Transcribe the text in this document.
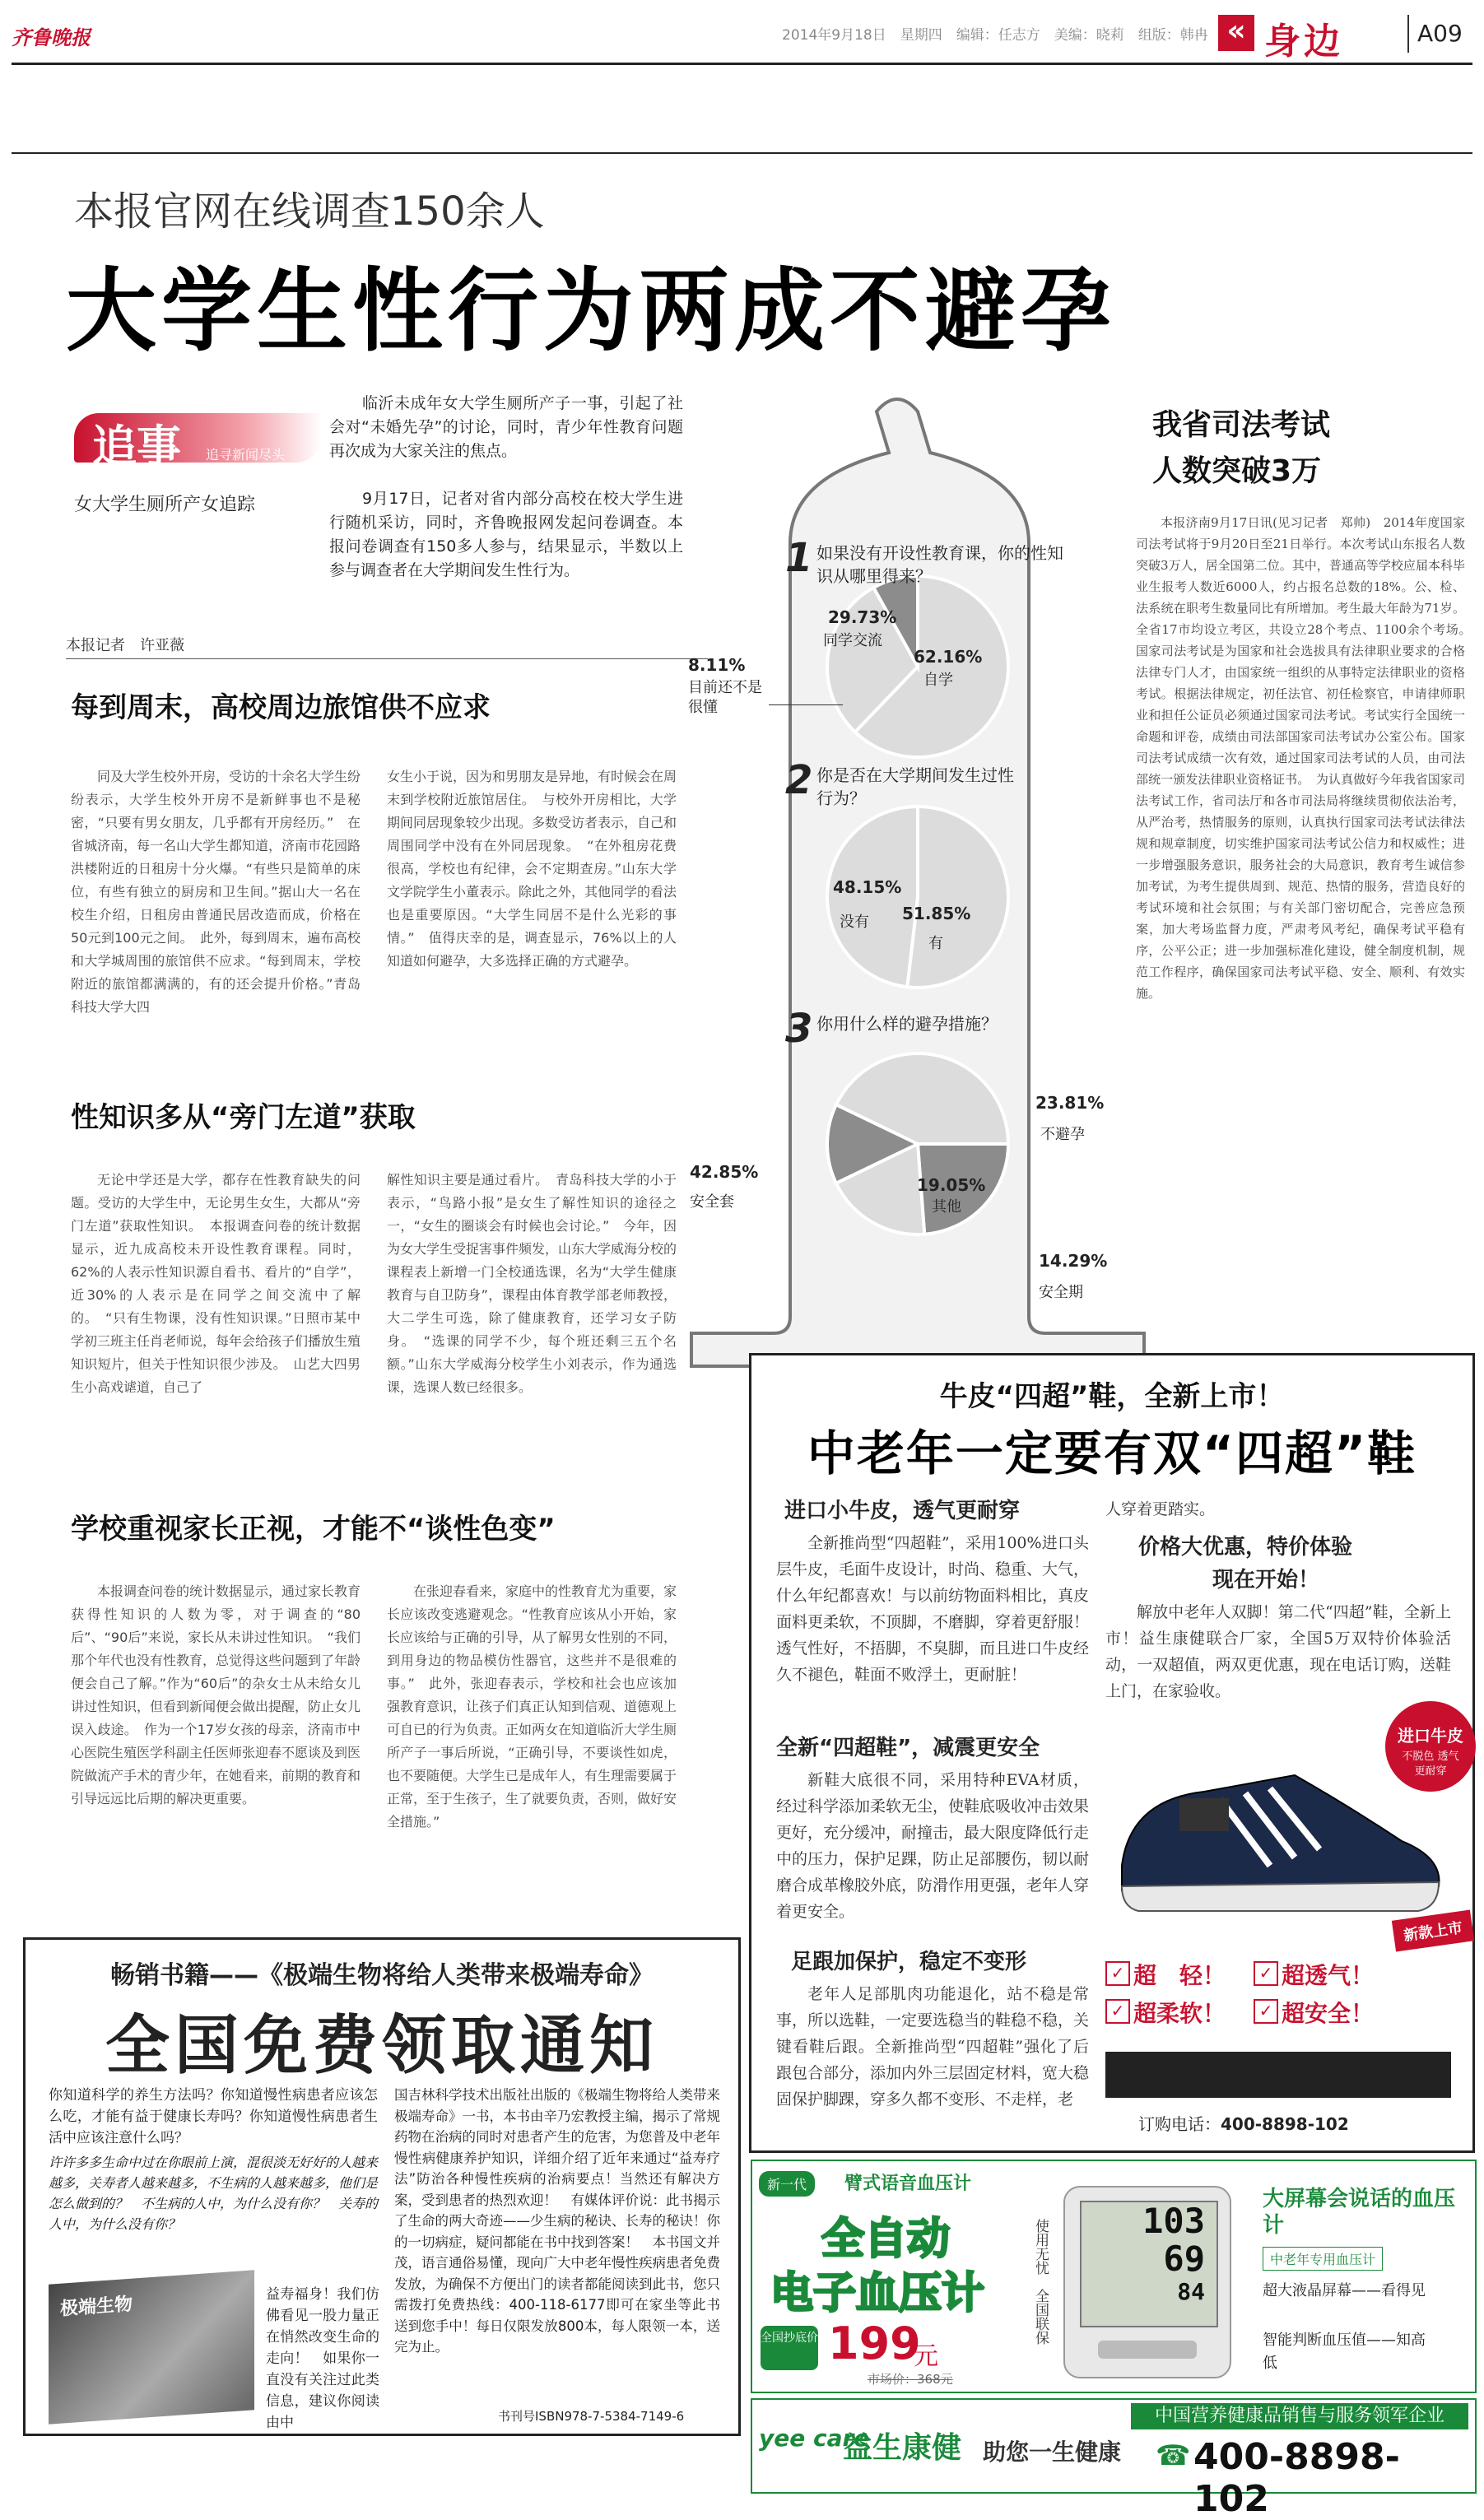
齐鲁晚报	2014年9月18日　星期四　编辑：任志方　美编：晓莉　组版：韩冉 « 身边	A09
本报官网在线调查150余人
大学生性行为两成不避孕
追事 追寻新闻尽头
女大学生厕所产女追踪
临沂未成年女大学生厕所产子一事，引起了社会对“未婚先孕”的讨论，同时，青少年性教育问题再次成为大家关注的焦点。
9月17日，记者对省内部分高校在校大学生进行随机采访，同时，齐鲁晚报网发起问卷调查。本报问卷调查有150多人参与，结果显示，半数以上参与调查者在大学期间发生性行为。
本报记者　许亚薇
1 如果没有开设性教育课，你的性知识从哪里得来？
29.73%
同学交流
62.16%
自学
8.11%
目前还不是很懂
2 你是否在大学期间发生过性行为？
48.15%
没有 51.85%
有
3 你用什么样的避孕措施？
23.81%
不避孕
19.05%
其他
42.85%
安全套
14.29%
安全期
每到周末，高校周边旅馆供不应求
同及大学生校外开房，受访的十余名大学生纷纷表示，大学生校外开房不是新鲜事也不是秘密，“只要有男女朋友，几乎都有开房经历。”　在省城济南，每一名山大学生都知道，济南市花园路洪楼附近的日租房十分火爆。“有些只是简单的床位，有些有独立的厨房和卫生间。”据山大一名在校生介绍，日租房由普通民居改造而成，价格在50元到100元之间。　此外，每到周末，遍布高校和大学城周围的旅馆供不应求。“每到周末，学校附近的旅馆都满满的，有的还会提升价格。”青岛科技大学大四
女生小于说，因为和男朋友是异地，有时候会在周末到学校附近旅馆居住。　与校外开房相比，大学期间同居现象较少出现。多数受访者表示，自己和周围同学中没有在外同居现象。　“在外租房花费很高，学校也有纪律，会不定期查房。”山东大学文学院学生小董表示。除此之外，其他同学的看法也是重要原因。“大学生同居不是什么光彩的事情。”　值得庆幸的是，调查显示，76%以上的人知道如何避孕，大多选择正确的方式避孕。
性知识多从“旁门左道”获取
无论中学还是大学，都存在性教育缺失的问题。受访的大学生中，无论男生女生，大都从“旁门左道”获取性知识。　本报调查问卷的统计数据显示，近九成高校未开设性教育课程。同时，62%的人表示性知识源自看书、看片的“自学”，近30%的人表示是在同学之间交流中了解的。　“只有生物课，没有性知识课。”日照市某中学初三班主任肖老师说，每年会给孩子们播放生殖知识短片，但关于性知识很少涉及。　山艺大四男生小高戏谑道，自己了
解性知识主要是通过看片。　青岛科技大学的小于表示，“鸟路小报”是女生了解性知识的途径之一，“女生的圈谈会有时候也会讨论。”　今年，因为女大学生受捉害事件频发，山东大学威海分校的课程表上新增一门全校通选课，名为“大学生健康教育与自卫防身”，课程由体育教学部老师教授，大二学生可选，除了健康教育，还学习女子防身。　“选课的同学不少，每个班还剩三五个名额。”山东大学威海分校学生小刘表示，作为通选课，选课人数已经很多。
学校重视家长正视，才能不“谈性色变”
本报调查问卷的统计数据显示，通过家长教育获得性知识的人数为零，对于调查的“80后”、“90后”来说，家长从未讲过性知识。　“我们那个年代也没有性教育，总觉得这些问题到了年龄便会自己了解。”作为“60后”的杂女士从未给女儿讲过性知识，但看到新闻便会做出提醒，防止女儿误入歧途。　作为一个17岁女孩的母亲，济南市中心医院生殖医学科副主任医师张迎春不愿谈及到医院做流产手术的青少年，在她看来，前期的教育和引导远远比后期的解决更重要。
在张迎春看来，家庭中的性教育尤为重要，家长应该改变逃避观念。“性教育应该从小开始，家长应该给与正确的引导，从了解男女性别的不同，到用身边的物品模仿性器官，这些并不是很难的事。”　此外，张迎春表示，学校和社会也应该加强教育意识，让孩子们真正认知到信观、道德观上可自已的行为负责。正如两女在知道临沂大学生厕所产子一事后所说，“正确引导，不要谈性如虎，也不要随便。大学生已是成年人，有生理需要属于正常，至于生孩子，生了就要负责，否则，做好安全措施。”
我省司法考试
人数突破3万
本报济南9月17日讯(见习记者　郑帅)　2014年度国家司法考试将于9月20日至21日举行。本次考试山东报名人数突破3万人，居全国第二位。其中，普通高等学校应届本科毕业生报考人数近6000人，约占报名总数的18%。公、检、法系统在职考生数量同比有所增加。考生最大年龄为71岁。全省17市均设立考区，共设立28个考点、1100余个考场。　国家司法考试是为国家和社会选拔具有法律职业要求的合格法律专门人才，由国家统一组织的从事特定法律职业的资格考试。根据法律规定，初任法官、初任检察官，申请律师职业和担任公证员必须通过国家司法考试。考试实行全国统一命题和评卷，成绩由司法部国家司法考试办公室公布。国家司法考试成绩一次有效，通过国家司法考试的人员，由司法部统一颁发法律职业资格证书。　为认真做好今年我省国家司法考试工作，省司法厅和各市司法局将继续贯彻依法治考，从严治考，热情服务的原则，认真执行国家司法考试法律法规和规章制度，切实维护国家司法考试公信力和权威性；进一步增强服务意识，服务社会的大局意识，教育考生诚信参加考试，为考生提供周到、规范、热情的服务，营造良好的考试环境和社会氛围；与有关部门密切配合，完善应急预案，加大考场监督力度，严肃考风考纪，确保考试平稳有序，公平公正；进一步加强标准化建设，健全制度机制，规范工作程序，确保国家司法考试平稳、安全、顺利、有效实施。
牛皮“四超”鞋，全新上市！
中老年一定要有双“四超”鞋
进口小牛皮，透气更耐穿
全新推尚型“四超鞋”，采用100%进口头层牛皮，毛面牛皮设计，时尚、稳重、大气，什么年纪都喜欢！与以前纺物面料相比，真皮面料更柔软，不顶脚，不磨脚，穿着更舒服！透气性好，不捂脚，不臭脚，而且进口牛皮经久不褪色，鞋面不败浮土，更耐脏！
全新“四超鞋”，减震更安全
新鞋大底很不同，采用特种EVA材质，经过科学添加柔软无尘，使鞋底吸收冲击效果更好，充分缓冲，耐撞击，最大限度降低行走中的压力，保护足踝，防止足部腰伤，韧以耐磨合成革橡胶外底，防滑作用更强，老年人穿着更安全。
足跟加保护，稳定不变形
老年人足部肌肉功能退化，站不稳是常事，所以选鞋，一定要选稳当的鞋稳不稳，关键看鞋后跟。全新推尚型“四超鞋”强化了后跟包合部分，添加内外三层固定材料，宽大稳固保护脚踝，穿多久都不变形、不走样，老
人穿着更踏实。
价格大优惠，特价体验
现在开始！
解放中老年人双脚！第二代“四超”鞋，全新上市！益生康健联合厂家，全国5万双特价体验活动，一双超值，两双更优惠，现在电话订购，送鞋上门，在家验收。
进口牛皮
不脱色 透气更耐穿
新款上市
✓ 超　轻！	✓ 超透气！
✓ 超柔软！	✓ 超安全！
订购电话：400-8898-102
畅销书籍——《极端生物将给人类带来极端寿命》
全国免费领取通知
你知道科学的养生方法吗？你知道慢性病患者应该怎么吃，才能有益于健康长寿吗？你知道慢性病患者生活中应该注意什么吗？
许许多多生命中过在你眼前上演，混很淡无好好的人越来越多，关寿者人越来越多，不生病的人越来越多，他们是怎么做到的？　不生病的人中，为什么没有你？　关寿的人中，为什么没有你？
极端生物	益寿福身！我们仿佛看见一股力量正在悄然改变生命的走向！　如果你一直没有关注过此类信息，建议你阅读由中
国吉林科学技术出版社出版的《极端生物将给人类带来极端寿命》一书，本书由辛乃宏教授主编，揭示了常规药物在治病的同时对患者产生的危害，为您普及中老年慢性病健康养护知识，详细介绍了近年来通过“益寿疗法”防治各种慢性疾病的治病要点！当然还有解决方案，受到患者的热烈欢迎！　有媒体评价说：此书揭示了生命的两大奇迹——少生病的秘诀、长寿的秘诀！你的一切病症，疑问都能在书中找到答案！　本书国文并茂，语言通俗易懂，现向广大中老年慢性疾病患者免费发放，为确保不方便出门的读者都能阅读到此书，您只需拨打免费热线：400-118-6177即可在家坐等此书送到您手中！每日仅限发放800本，每人限领一本，送完为止。
书刊号ISBN978-7-5384-7149-6
新一代	臂式语音血压计
全自动
电子血压计
全国抄底价 199
元
市场价：368元
使用无忧　全国联保	103
69
84
大屏幕会说话的血压计
中老年专用血压计
超大液晶屏幕——看得见
智能判断血压值——知高低
yee care
益生康健 助您一生健康
中国营养健康品销售与服务领军企业
☎ 400-8898-102
